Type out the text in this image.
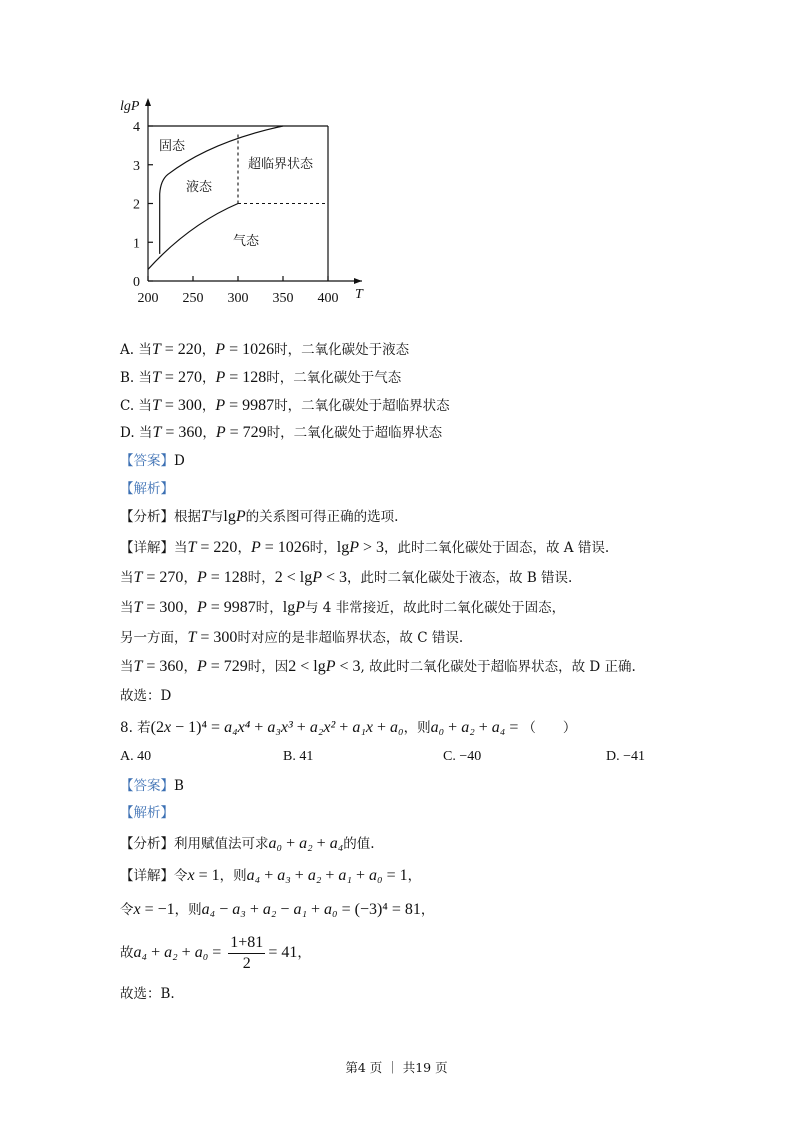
200 250 300 350 400
0
1
2
3
4
lgP
T
固态
液态
超临界状态
气态
A. 当T = 220，P = 1026时，二氧化碳处于液态
B. 当T = 270，P = 128时，二氧化碳处于气态
C. 当T = 300，P = 9987时，二氧化碳处于超临界状态
D. 当T = 360，P = 729时，二氧化碳处于超临界状态
【答案】D
【解析】
【分析】根据T与lgP的关系图可得正确的选项.
【详解】当T = 220，P = 1026时，lgP > 3，此时二氧化碳处于固态，故 A 错误.
当T = 270，P = 128时，2 < lgP < 3，此时二氧化碳处于液态，故 B 错误.
当T = 300，P = 9987时，lgP与 4 非常接近，故此时二氧化碳处于固态，
另一方面，T = 300时对应的是非超临界状态，故 C 错误.
当T = 360，P = 729时，因2 < lgP < 3, 故此时二氧化碳处于超临界状态，故 D 正确.
故选：D
8. 若(2x − 1)⁴ = a₄x⁴ + a₃x³ + a₂x² + a₁x + a₀，则a₀ + a₂ + a₄ = （　　）
【答案】B
【解析】
【分析】利用赋值法可求a₀ + a₂ + a₄的值.
【详解】令x = 1，则a₄ + a₃ + a₂ + a₁ + a₀ = 1，
令x = −1，则a₄ − a₃ + a₂ − a₁ + a₀ = (−3)⁴ = 81，
故$a_4 + a_2 + a_0 = \frac{1+81}{2} = 41$，
故选：B.
A. 40	B. 41	C. −40	D. −41
第4 页 ｜ 共19 页
